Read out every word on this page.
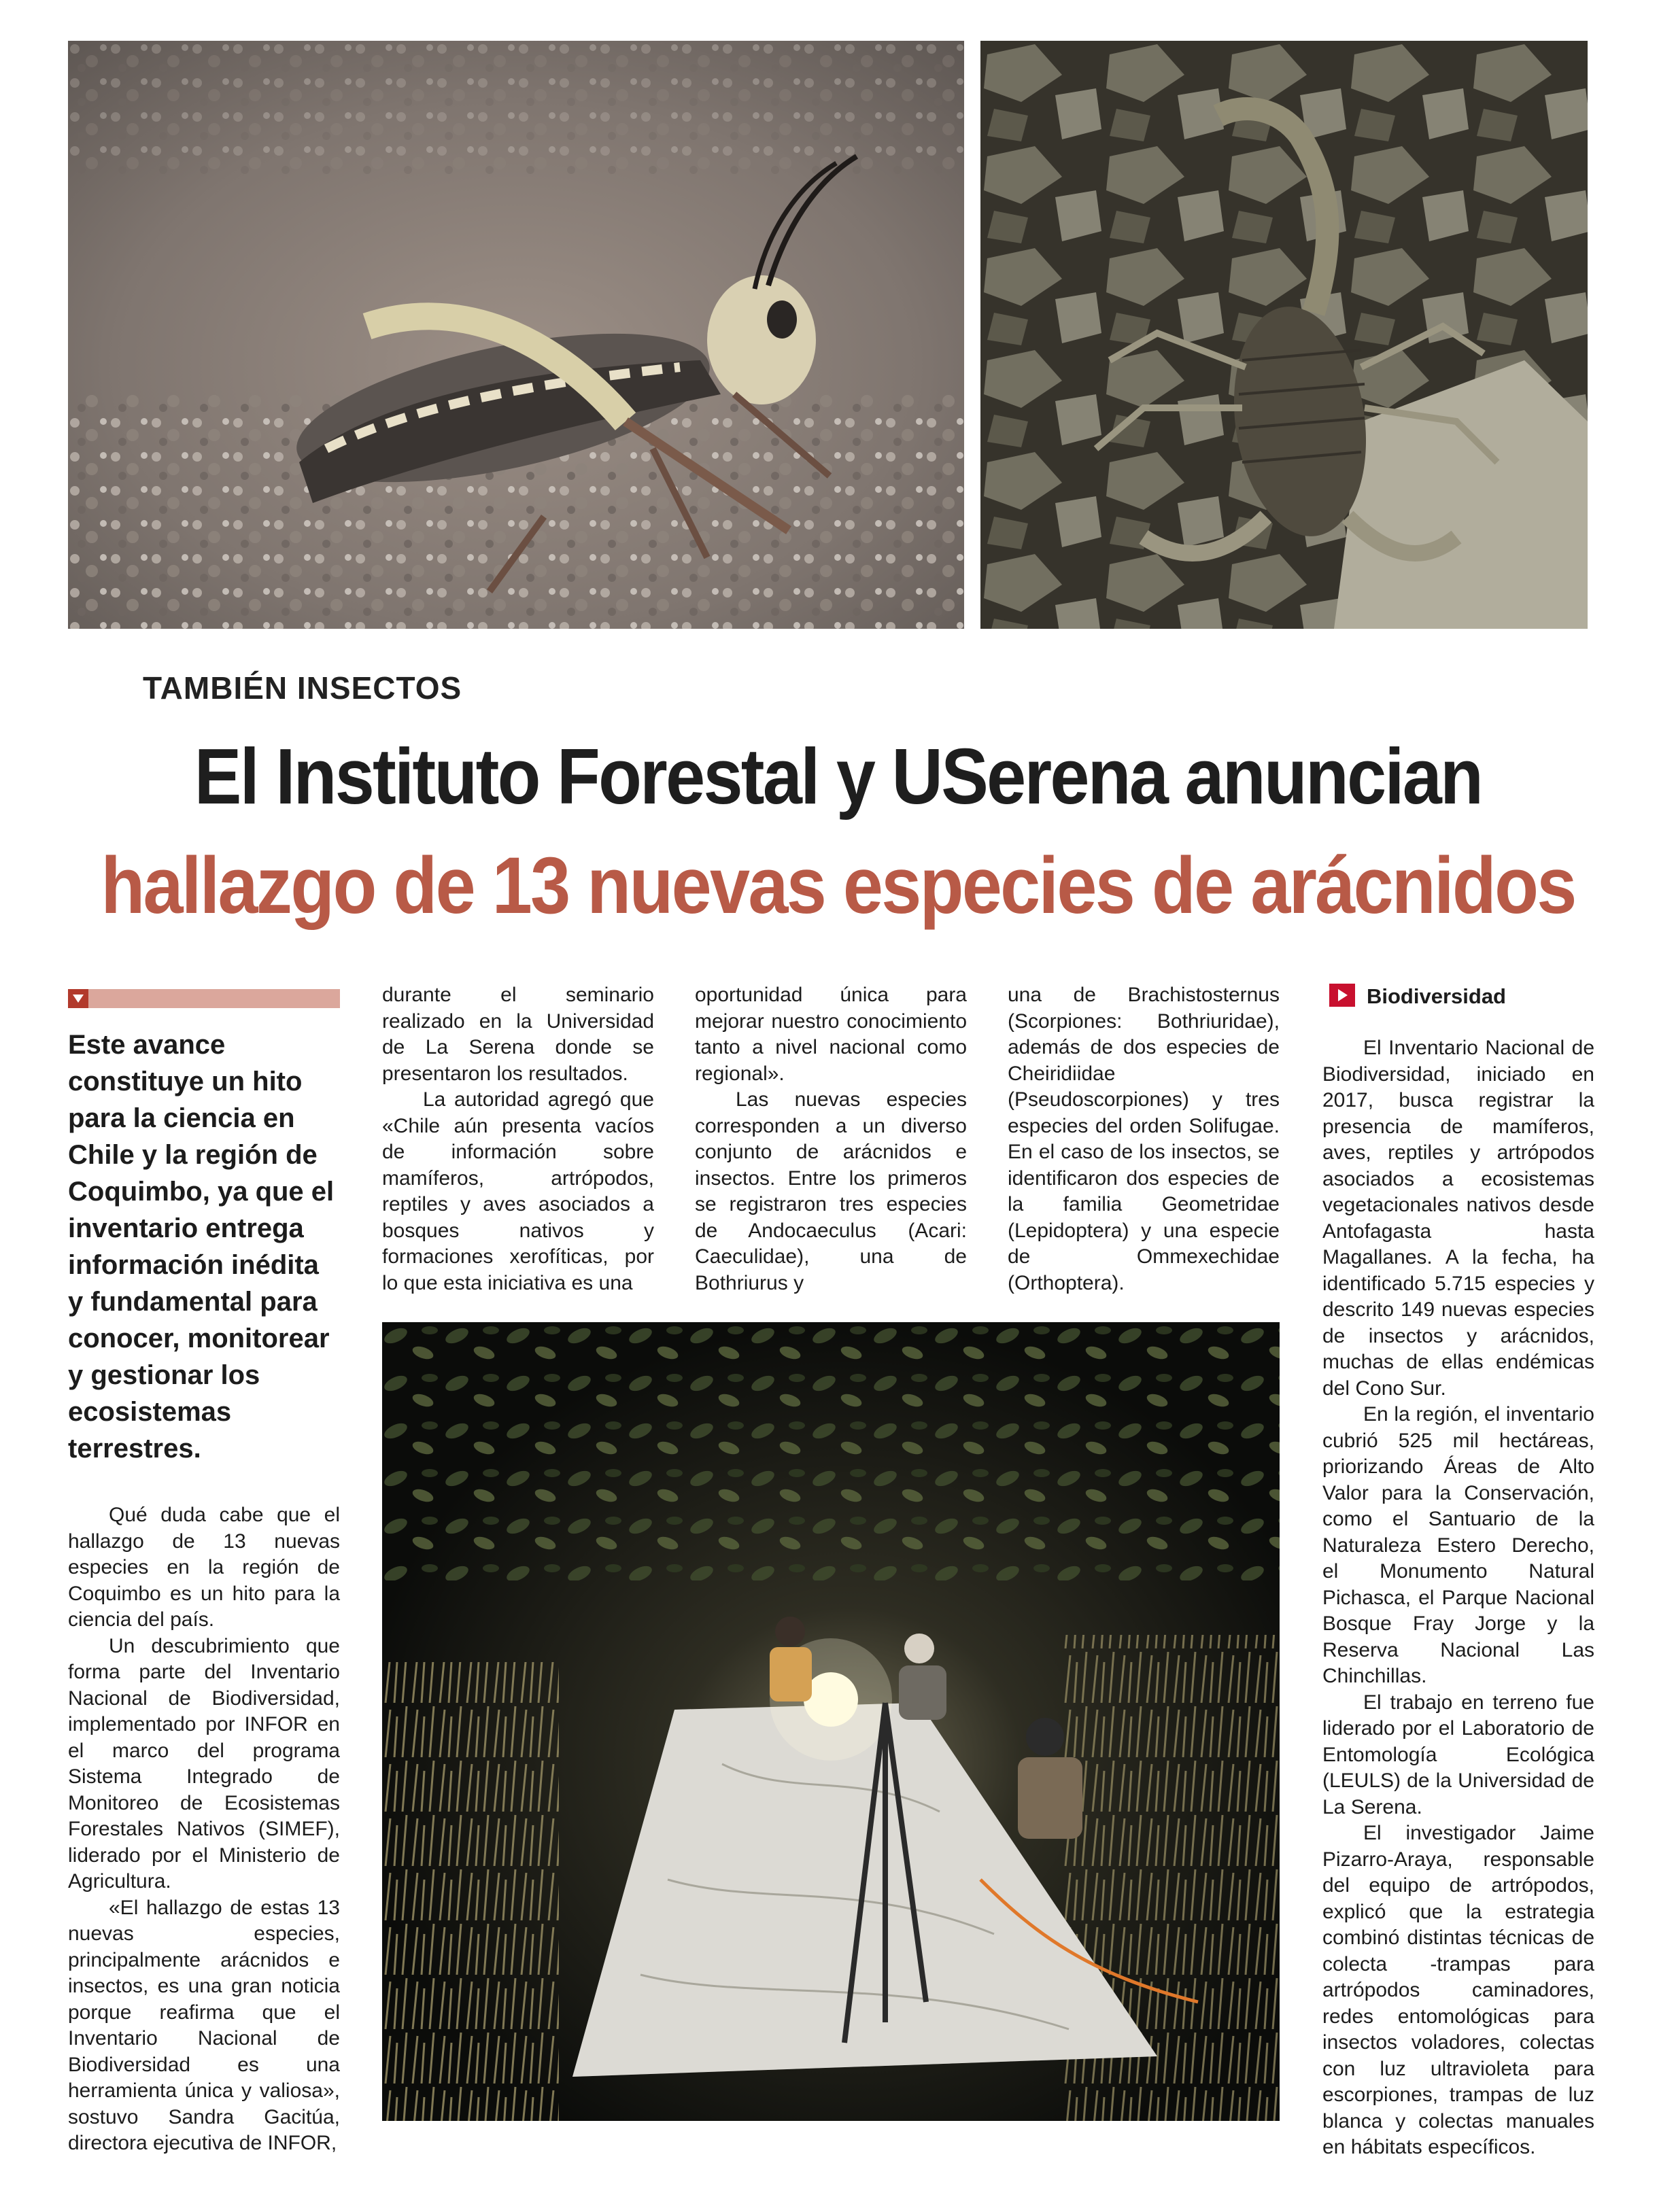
TAMBIÉN INSECTOS
El Instituto Forestal y USerena anuncian
hallazgo de 13 nuevas especies de arácnidos
Este avance constituye un hito para la ciencia en Chile y la región de Coquimbo, ya que el inventario entrega información inédita y fundamental para conocer, monitorear y gestionar los ecosistemas terrestres.

Qué duda cabe que el hallazgo de 13 nuevas especies en la región de Coquimbo es un hito para la ciencia del país.

Un descubrimiento que forma parte del Inventario Nacional de Biodiversidad, implementado por INFOR en el marco del programa Sistema Integrado de Monitoreo de Ecosistemas Forestales Nativos (SIMEF), liderado por el Ministerio de Agricultura.

«El hallazgo de estas 13 nuevas especies, principalmente arácnidos e insectos, es una gran noticia porque reafirma que el Inventario Nacional de Biodiversidad es una herramienta única y valiosa», sostuvo Sandra Gacitúa, directora ejecutiva de INFOR,

durante el seminario realizado en la Universidad de La Serena donde se presentaron los resultados.

La autoridad agregó que «Chile aún presenta vacíos de información sobre mamíferos, artrópodos, reptiles y aves asociados a bosques nativos y formaciones xerofíticas, por lo que esta iniciativa es una

oportunidad única para mejorar nuestro conocimiento tanto a nivel nacional como regional».

Las nuevas especies corresponden a un diverso conjunto de arácnidos e insectos. Entre los primeros se registraron tres especies de Andocaeculus (Acari: Caeculidae), una de Bothriurus y

una de Brachistosternus (Scorpiones: Bothriuridae), además de dos especies de Cheiridiidae (Pseudoscorpiones) y tres especies del orden Solifugae. En el caso de los insectos, se identificaron dos especies de la familia Geometridae (Lepidoptera) y una especie de Ommexechidae (Orthoptera).

Biodiversidad

El Inventario Nacional de Biodiversidad, iniciado en 2017, busca registrar la presencia de mamíferos, aves, reptiles y artrópodos asociados a ecosistemas vegetacionales nativos desde Antofagasta hasta Magallanes. A la fecha, ha identificado 5.715 especies y descrito 149 nuevas especies de insectos y arácnidos, muchas de ellas endémicas del Cono Sur.

En la región, el inventario cubrió 525 mil hectáreas, priorizando Áreas de Alto Valor para la Conservación, como el Santuario de la Naturaleza Estero Derecho, el Monumento Natural Pichasca, el Parque Nacional Bosque Fray Jorge y la Reserva Nacional Las Chinchillas.

El trabajo en terreno fue liderado por el Laboratorio de Entomología Ecológica (LEULS) de la Universidad de La Serena.

El investigador Jaime Pizarro-Araya, responsable del equipo de artrópodos, explicó que la estrategia combinó distintas técnicas de colecta -trampas para artrópodos caminadores, redes entomológicas para insectos voladores, colectas con luz ultravioleta para escorpiones, trampas de luz blanca y colectas manuales en hábitats específicos.
